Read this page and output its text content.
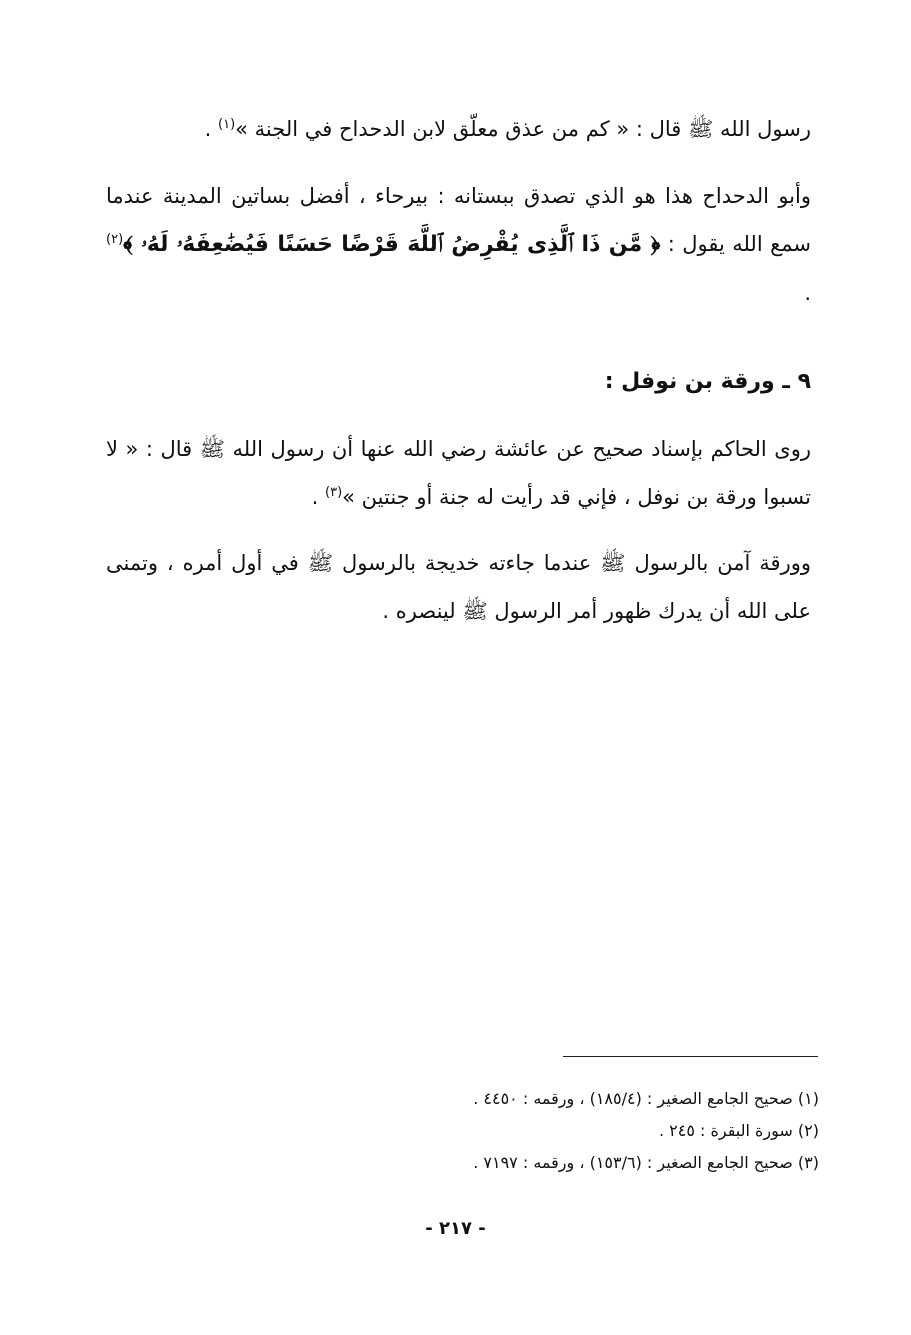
رسول الله ﷺ قال : « كم من عذق معلّق لابن الدحداح في الجنة »$^{(١)}$ .

وأبو الدحداح هذا هو الذي تصدق ببستانه : بيرحاء ، أفضل بساتين المدينة عندما سمع الله يقول : ﴿ مَّن ذَا ٱلَّذِى يُقْرِضُ ٱللَّهَ قَرْضًا حَسَنًا فَيُضَٰعِفَهُۥ لَهُۥ ﴾$^{(٢)}$ .

٩ ـ ورقة بن نوفل :

روى الحاكم بإسناد صحيح عن عائشة رضي الله عنها أن رسول الله ﷺ قال : « لا تسبوا ورقة بن نوفل ، فإني قد رأيت له جنة أو جنتين »$^{(٣)}$ .

وورقة آمن بالرسول ﷺ عندما جاءته خديجة بالرسول ﷺ في أول أمره ، وتمنى على الله أن يدرك ظهور أمر الرسول ﷺ لينصره .

(١) صحيح الجامع الصغير : (١٨٥/٤) ، ورقمه : ٤٤٥٠ .
(٢) سورة البقرة : ٢٤٥ .
(٣) صحيح الجامع الصغير : (١٥٣/٦) ، ورقمه : ٧١٩٧ .
- ٢١٧ -
